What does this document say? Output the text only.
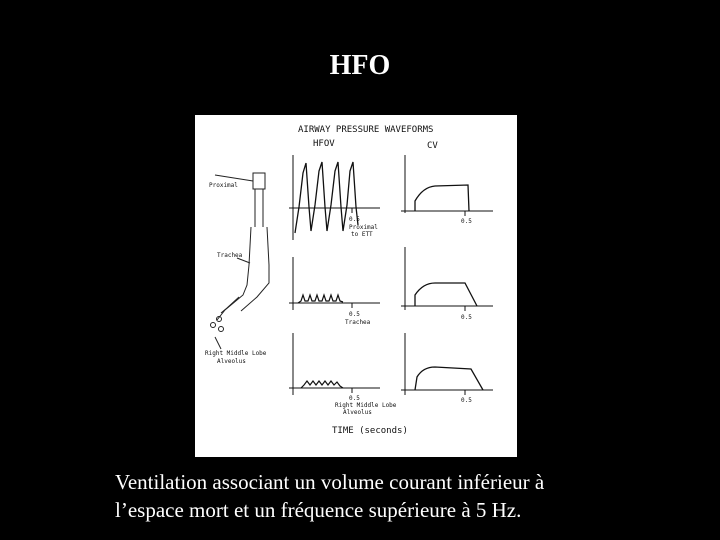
HFO
AIRWAY PRESSURE WAVEFORMS
HFOV	CV
Proximal
Trachea
Right Middle Lobe
Alveolus
0.5
Proximal
to ETT
0.5
0.5
Trachea
0.5
0.5
Right Middle Lobe
Alveolus
0.5
TIME (seconds)
Ventilation associant un volume courant inférieur à
l’espace mort et un fréquence supérieure à 5 Hz.
